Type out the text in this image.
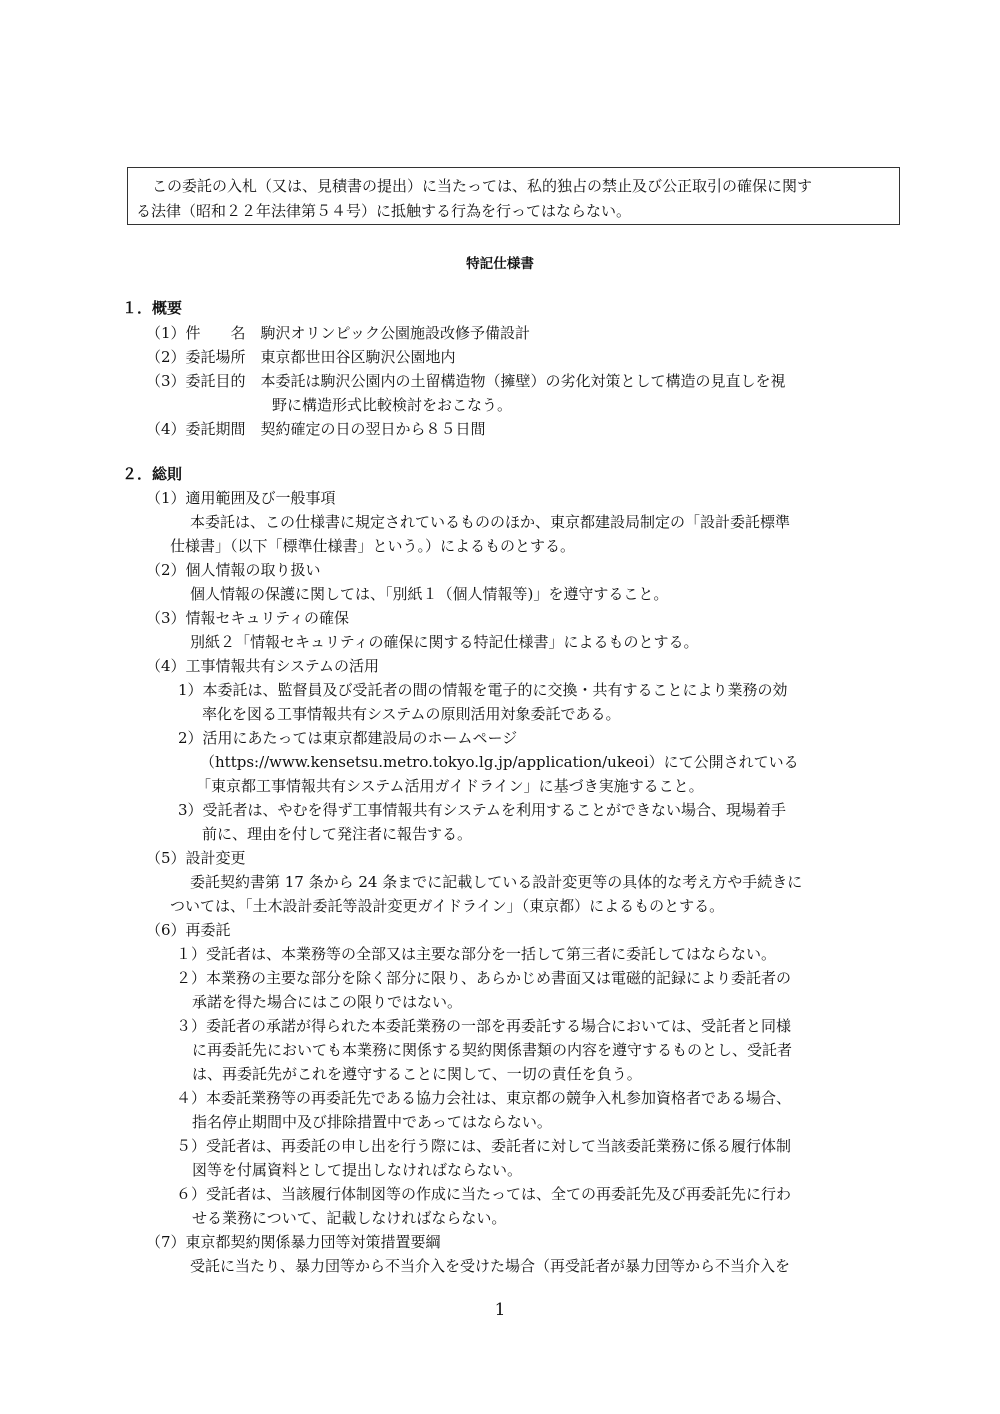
この委託の入札（又は、見積書の提出）に当たっては、私的独占の禁止及び公正取引の確保に関す
る法律（昭和２２年法律第５４号）に抵触する行為を行ってはならない。
特記仕様書
１．概要
（1）件　　名　駒沢オリンピック公園施設改修予備設計
（2）委託場所　東京都世田谷区駒沢公園地内
（3）委託目的　本委託は駒沢公園内の土留構造物（擁壁）の劣化対策として構造の見直しを視
野に構造形式比較検討をおこなう。
（4）委託期間　契約確定の日の翌日から８５日間
２．総則
（1）適用範囲及び一般事項
本委託は、この仕様書に規定されているもののほか、東京都建設局制定の「設計委託標準
仕様書」（以下「標準仕様書」という。）によるものとする。
（2）個人情報の取り扱い
個人情報の保護に関しては、「別紙１（個人情報等)」を遵守すること。
（3）情報セキュリティの確保
別紙２「情報セキュリティの確保に関する特記仕様書」によるものとする。
（4）工事情報共有システムの活用
1）本委託は、監督員及び受託者の間の情報を電子的に交換・共有することにより業務の効
率化を図る工事情報共有システムの原則活用対象委託である。
2）活用にあたっては東京都建設局のホームページ
（https://www.kensetsu.metro.tokyo.lg.jp/application/ukeoi）にて公開されている
「東京都工事情報共有システム活用ガイドライン」に基づき実施すること。
3）受託者は、やむを得ず工事情報共有システムを利用することができない場合、現場着手
前に、理由を付して発注者に報告する。
（5）設計変更
委託契約書第 17 条から 24 条までに記載している設計変更等の具体的な考え方や手続きに
ついては、「土木設計委託等設計変更ガイドライン」（東京都）によるものとする。
（6）再委託
１）受託者は、本業務等の全部又は主要な部分を一括して第三者に委託してはならない。
２）本業務の主要な部分を除く部分に限り、あらかじめ書面又は電磁的記録により委託者の
承諾を得た場合にはこの限りではない。
３）委託者の承諾が得られた本委託業務の一部を再委託する場合においては、受託者と同様
に再委託先においても本業務に関係する契約関係書類の内容を遵守するものとし、受託者
は、再委託先がこれを遵守することに関して、一切の責任を負う。
４）本委託業務等の再委託先である協力会社は、東京都の競争入札参加資格者である場合、
指名停止期間中及び排除措置中であってはならない。
５）受託者は、再委託の申し出を行う際には、委託者に対して当該委託業務に係る履行体制
図等を付属資料として提出しなければならない。
６）受託者は、当該履行体制図等の作成に当たっては、全ての再委託先及び再委託先に行わ
せる業務について、記載しなければならない。
（7）東京都契約関係暴力団等対策措置要綱
受託に当たり、暴力団等から不当介入を受けた場合（再受託者が暴力団等から不当介入を
1
